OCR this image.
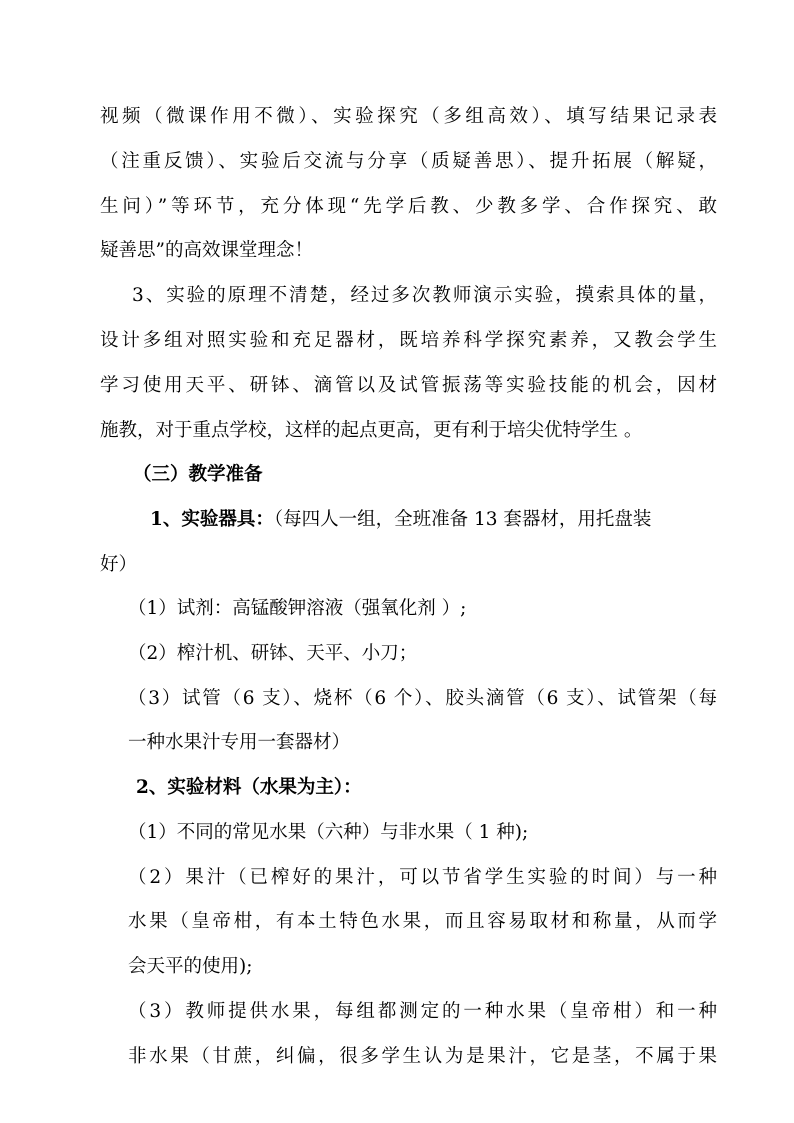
视频（微课作用不微）、实验探究（多组高效）、填写结果记录表
（注重反馈）、实验后交流与分享（质疑善思）、提升拓展（解疑，
生问）”等环节，充分体现“先学后教、少教多学、合作探究、敢
疑善思”的高效课堂理念！
3、实验的原理不清楚，经过多次教师演示实验，摸索具体的量，
设计多组对照实验和充足器材，既培养科学探究素养，又教会学生
学习使用天平、研钵、滴管以及试管振荡等实验技能的机会，因材
施教，对于重点学校，这样的起点更高，更有利于培尖优特学生 。
（三）教学准备
1、实验器具：（每四人一组，全班准备 13 套器材，用托盘装
好）
（1）试剂：高锰酸钾溶液（强氧化剂 ）;
（2）榨汁机、研钵、天平、小刀；
（3）试管（6 支）、烧杯（6 个）、胶头滴管（6 支）、试管架（每
一种水果汁专用一套器材）
2、实验材料（水果为主）：
（1）不同的常见水果（六种）与非水果（ 1 种);
（2）果汁（已榨好的果汁，可以节省学生实验的时间）与一种
水果（皇帝柑，有本土特色水果，而且容易取材和称量，从而学
会天平的使用);
（3）教师提供水果，每组都测定的一种水果（皇帝柑）和一种
非水果（甘蔗，纠偏，很多学生认为是果汁，它是茎，不属于果
